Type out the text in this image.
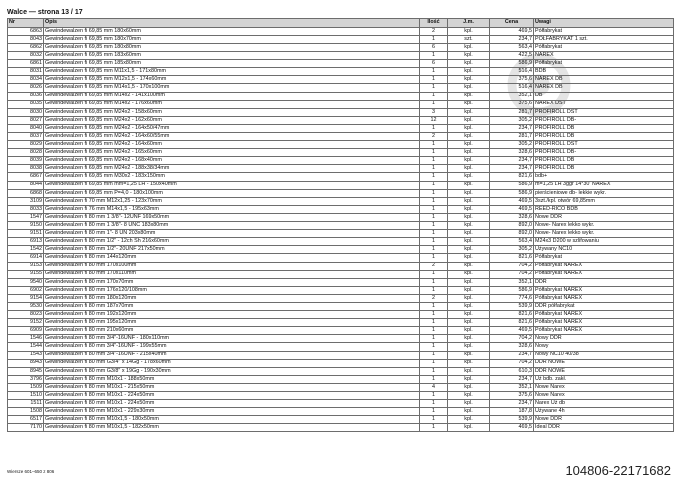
Walce — strona 13 / 17
Nr	Opis	Ilość	J.m.	Cena	Uwagi
6863	Gewindewalzen fi 69,85 mm 180x60mm	2	kpl.	469,5	Półfabrykat
8043	Gewindewalzen fi 69,85 mm 180x70mm	1	szt.	234,7	PÓŁFABRYKAT 1 szt.
6862	Gewindewalzen fi 69,85 mm 180x80mm	6	kpl.	563,4	Półfabrykat
8032	Gewindewalzen fi 69,85 mm 183x60mm	1	kpl.	422,5	NAREX
6861	Gewindewalzen fi 69,85 mm 185x80mm	6	kpl.	586,9	Półfabrykat
8031	Gewindewalzen fi 69,85 mm M11x1,5 - 171x80mm	1	kpl.	516,4	BDB
8034	Gewindewalzen fi 69,85 mm M12x1,5 - 174x60mm	1	kpl.	375,6	NAREX DB
8026	Gewindewalzen fi 69,85 mm M14x1,5 - 170x100mm	1	kpl.	516,4	NAREX DB
8036	Gewindewalzen fi 69,85 mm M14x2 - 141x100mm	1	kpl.	352,1	DB
8035	Gewindewalzen fi 69,85 mm M14x2 - 176x60mm	1	kpl.	375,6	NAREX DST
8030	Gewindewalzen fi 69,85 mm M24x2 - 158x60mm	3	kpl.	281,7	PROFIROLL DST
8027	Gewindewalzen fi 69,85 mm M24x2 - 162x60mm	12	kpl.	305,2	PROFIROLL DB-
8040	Gewindewalzen fi 69,85 mm M24x2 - 164x50/47mm	1	kpl.	234,7	PROFIROLL DB
8037	Gewindewalzen fi 69,85 mm M24x2 - 164x60/55mm	2	kpl.	281,7	PROFIROLL DB
8029	Gewindewalzen fi 69,85 mm M24x2 - 164x60mm	1	kpl.	305,2	PROFIROLL DST
8028	Gewindewalzen fi 69,85 mm M24x2 - 165x60mm	1	kpl.	328,6	PROFIROLL DB-
8039	Gewindewalzen fi 69,85 mm M24x2 - 168x40mm	1	kpl.	234,7	PROFIROLL DB
8038	Gewindewalzen fi 69,85 mm M24x2 - 188x38/34mm	1	kpl.	234,7	PROFIROLL DB
6867	Gewindewalzen fi 69,85 mm M30x2 - 183x150mm	1	kpl.	821,6	bdb+
8044	Gewindewalzen fi 69,85 mm mm=1,25 LH - 150x40mm	1	kpl.	586,9	m=1,25 LH 3ggr 14*30' NAREX
6868	Gewindewalzen fi 69,85 mm P=4,0 - 180x100mm	1	kpl.	586,9	pierścieniowe db- lekkie wykr.
3109	Gewindewalzen fi 70 mm M12x1,25 - 123x70mm	1	kpl.	469,5	3szt./kpl. otwór 69,85mm
8033	Gewindewalzen fi 76 mm M14x1,5 - 195x63mm	1	kpl.	469,5	REED-RICO BDB
1547	Gewindewalzen fi 80 mm 1 3/8"- 12UNF 169x50mm	1	kpl.	328,6	Nowe DDR
9150	Gewindewalzen fi 80 mm 1 3/8"- 8 UNC 183x80mm	1	kpl.	892,0	Nowe- Narex lekko wykr.
9151	Gewindewalzen fi 80 mm 1"- 8 UN 203x80mm	1	kpl.	892,0	Nowe- Narex lekko wykr.
6913	Gewindewalzen fi 80 mm 1/2" - 12ch Sh 216x60mm	1	kpl.	563,4	M24x3 D200 w szlifowaniu
1542	Gewindewalzen fi 80 mm 1/2"- 20UNF 217x50mm	1	kpl.	305,2	Używany NC10
6914	Gewindewalzen fi 80 mm 144x120mm	1	kpl.	821,6	Półfabrykat
9153	Gewindewalzen fi 80 mm 170x100mm	2	kpl.	704,2	Półfabrykat NAREX
9155	Gewindewalzen fi 80 mm 170x110mm	1	kpl.	704,2	Półfabrykat NAREX
9540	Gewindewalzen fi 80 mm 170x70mm	1	kpl.	352,1	DDR
6902	Gewindewalzen fi 80 mm 176x120/108mm	1	kpl.	586,9	Półfabrykat NAREX
9154	Gewindewalzen fi 80 mm 180x120mm	2	kpl.	774,6	Półfabrykat NAREX
9530	Gewindewalzen fi 80 mm 187x70mm	1	kpl.	539,9	DDR półfabrykat
8023	Gewindewalzen fi 80 mm 192x120mm	1	kpl.	821,6	Półfabrykat NAREX
9152	Gewindewalzen fi 80 mm 195x120mm	1	kpl.	821,6	Półfabrykat NAREX
6909	Gewindewalzen fi 80 mm 210x60mm	1	kpl.	469,5	Półfabrykat NAREX
1546	Gewindewalzen fi 80 mm 3/4"-16UNF - 180x110mm	1	kpl.	704,2	Nowy DDR
1544	Gewindewalzen fi 80 mm 3/4"-16UNF - 199x55mm	1	kpl.	328,6	Nowy
1543	Gewindewalzen fi 80 mm 3/4"-16UNF - 215x40mm	1	kpl.	234,7	Nowy NC10 40/38
8943	Gewindewalzen fi 80 mm G3/4" x 14Gg - 178x60mm	1	kpl.	704,2	DDR NOWE
8945	Gewindewalzen fi 80 mm G3/8" x 19Gg - 190x30mm	1	kpl.	610,3	DDR NOWE
3796	Gewindewalzen fi 80 mm M10x1 - 188x50mm	1	kpl.	234,7	Uż bdb. zakł.
1509	Gewindewalzen fi 80 mm M10x1 - 215x50mm	4	kpl.	352,1	Nowe Narex
1510	Gewindewalzen fi 80 mm M10x1 - 224x50mm	1	kpl.	375,6	Nowe Narex
1511	Gewindewalzen fi 80 mm M10x1 - 224x50mm	1	kpl.	234,7	Narex Uż db
1508	Gewindewalzen fi 80 mm M10x1 - 229x30mm	1	kpl.	187,8	Używane 4h
6517	Gewindewalzen fi 80 mm M10x1,5 - 180x50mm	1	kpl.	539,9	Nowe DDR
7170	Gewindewalzen fi 80 mm M10x1,5 - 182x50mm	1	kpl.	469,5	Ideal DDR
Wiersze 601–650 z 806	104806-22171682
